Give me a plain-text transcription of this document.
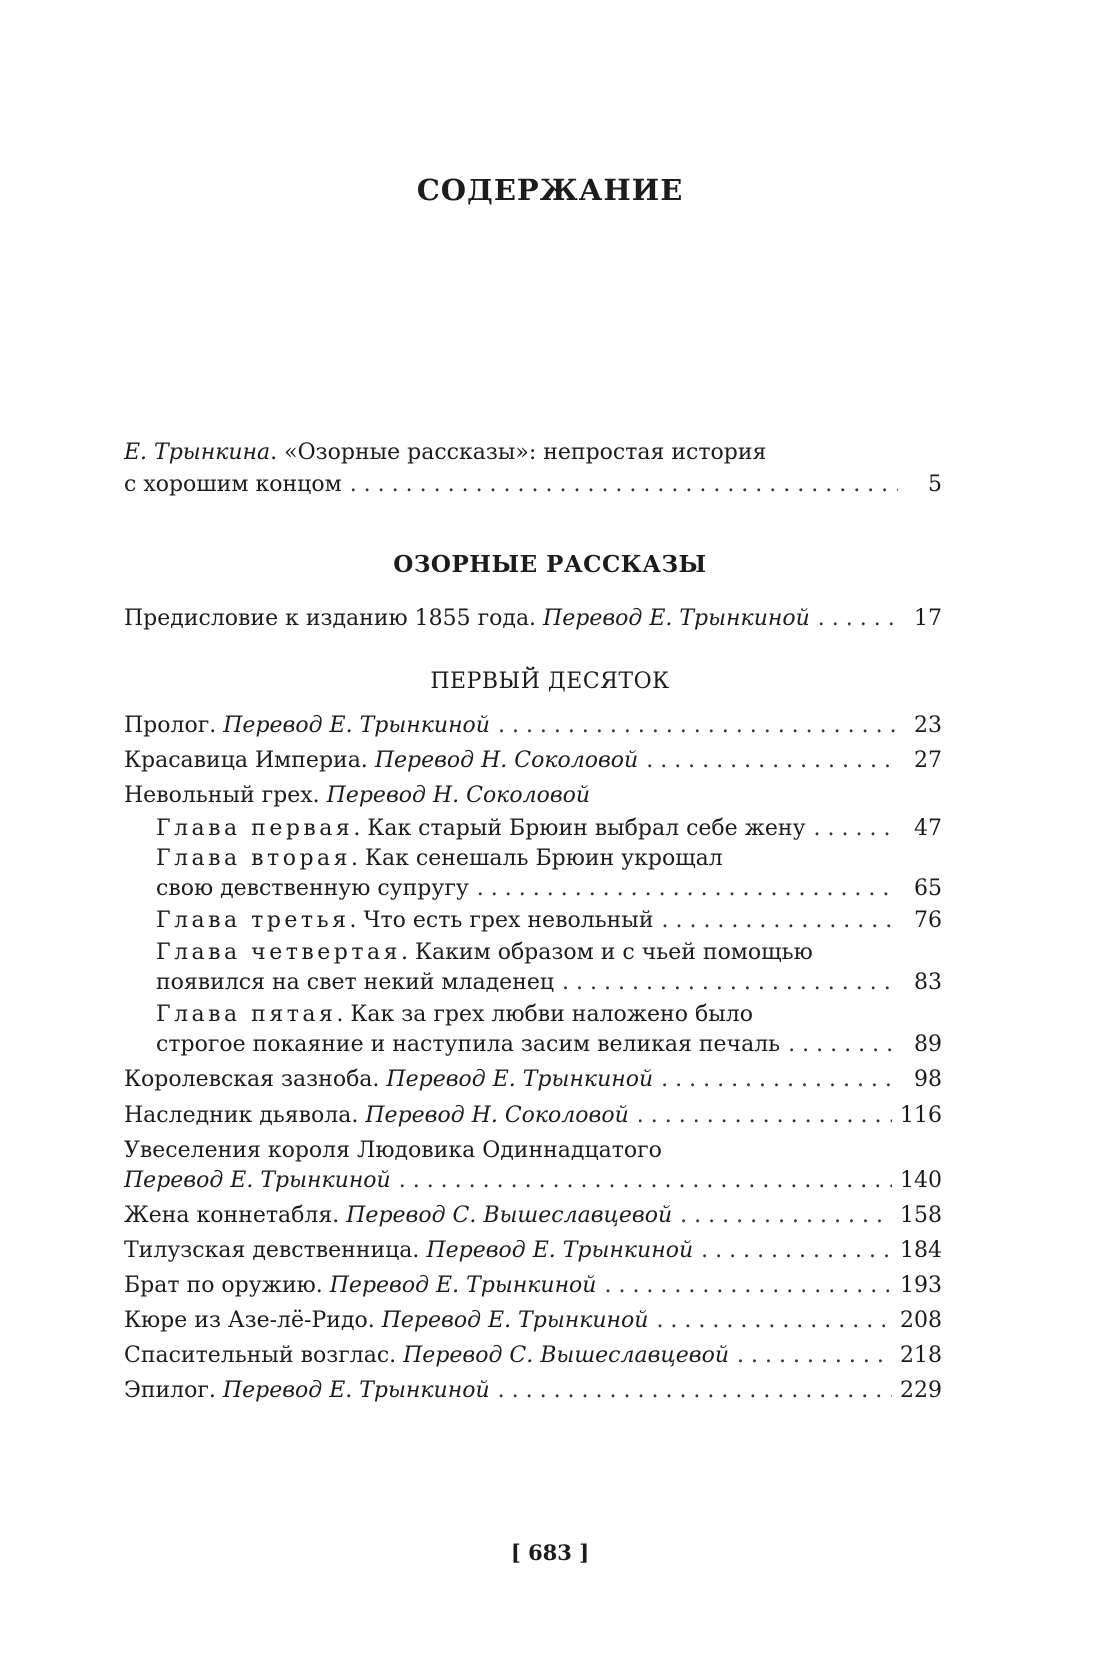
СОДЕРЖАНИЕ
Е. Трынкина. «Озорные рассказы»: непростая история
с хорошим концом . . .	5
ОЗОРНЫЕ РАССКАЗЫ
Предисловие к изданию 1855 года. Перевод Е. Трынкиной . . .	17
ПЕРВЫЙ ДЕСЯТОК
Пролог. Перевод Е. Трынкиной . . .	23
Красавица Империа. Перевод Н. Соколовой . . .	27
Невольный грех. Перевод Н. Соколовой
Глава первая. Как старый Брюин выбрал себе жену . . .	47
Глава вторая. Как сенешаль Брюин укрощал
свою девственную супругу . . .	65
Глава третья. Что есть грех невольный . . .	76
Глава четвертая. Каким образом и с чьей помощью
появился на свет некий младенец . . .	83
Глава пятая. Как за грех любви наложено было
строгое покаяние и наступила засим великая печаль . . .	89
Королевская зазноба. Перевод Е. Трынкиной . . .	98
Наследник дьявола. Перевод Н. Соколовой . . .	116
Увеселения короля Людовика Одиннадцатого
Перевод Е. Трынкиной . . .	140
Жена коннетабля. Перевод С. Вышеславцевой . . .	158
Тилузская девственница. Перевод Е. Трынкиной . . .	184
Брат по оружию. Перевод Е. Трынкиной . . .	193
Кюре из Азе-лё-Ридо. Перевод Е. Трынкиной . . .	208
Спасительный возглас. Перевод С. Вышеславцевой . . .	218
Эпилог. Перевод Е. Трынкиной . . .	229
[ 683 ]
